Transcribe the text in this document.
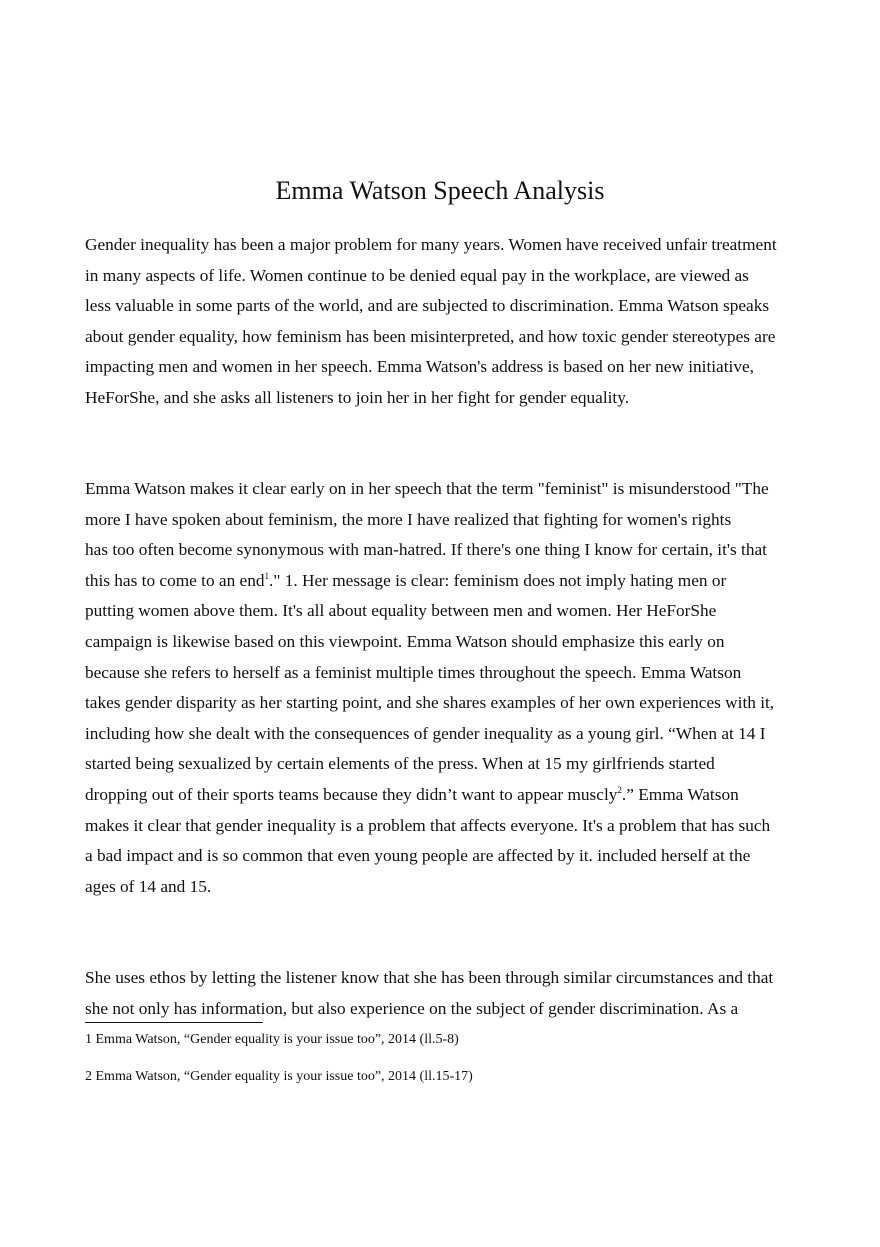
Emma Watson Speech Analysis

Gender inequality has been a major problem for many years. Women have received unfair treatment
in many aspects of life. Women continue to be denied equal pay in the workplace, are viewed as
less valuable in some parts of the world, and are subjected to discrimination. Emma Watson speaks
about gender equality, how feminism has been misinterpreted, and how toxic gender stereotypes are
impacting men and women in her speech. Emma Watson's address is based on her new initiative,
HeForShe, and she asks all listeners to join her in her fight for gender equality.

Emma Watson makes it clear early on in her speech that the term "feminist" is misunderstood "The
more I have spoken about feminism, the more I have realized that fighting for women's rights
has too often become synonymous with man-hatred. If there's one thing I know for certain, it's that
this has to come to an end$^1$." 1. Her message is clear: feminism does not imply hating men or
putting women above them. It's all about equality between men and women. Her HeForShe
campaign is likewise based on this viewpoint. Emma Watson should emphasize this early on
because she refers to herself as a feminist multiple times throughout the speech. Emma Watson
takes gender disparity as her starting point, and she shares examples of her own experiences with it,
including how she dealt with the consequences of gender inequality as a young girl. “When at 14 I
started being sexualized by certain elements of the press. When at 15 my girlfriends started
dropping out of their sports teams because they didn’t want to appear muscly$^2$.” Emma Watson
makes it clear that gender inequality is a problem that affects everyone. It's a problem that has such
a bad impact and is so common that even young people are affected by it. included herself at the
ages of 14 and 15.

She uses ethos by letting the listener know that she has been through similar circumstances and that
she not only has information, but also experience on the subject of gender discrimination. As a

1 Emma Watson, “Gender equality is your issue too”, 2014 (ll.5-8)

2 Emma Watson, “Gender equality is your issue too”, 2014 (ll.15-17)
